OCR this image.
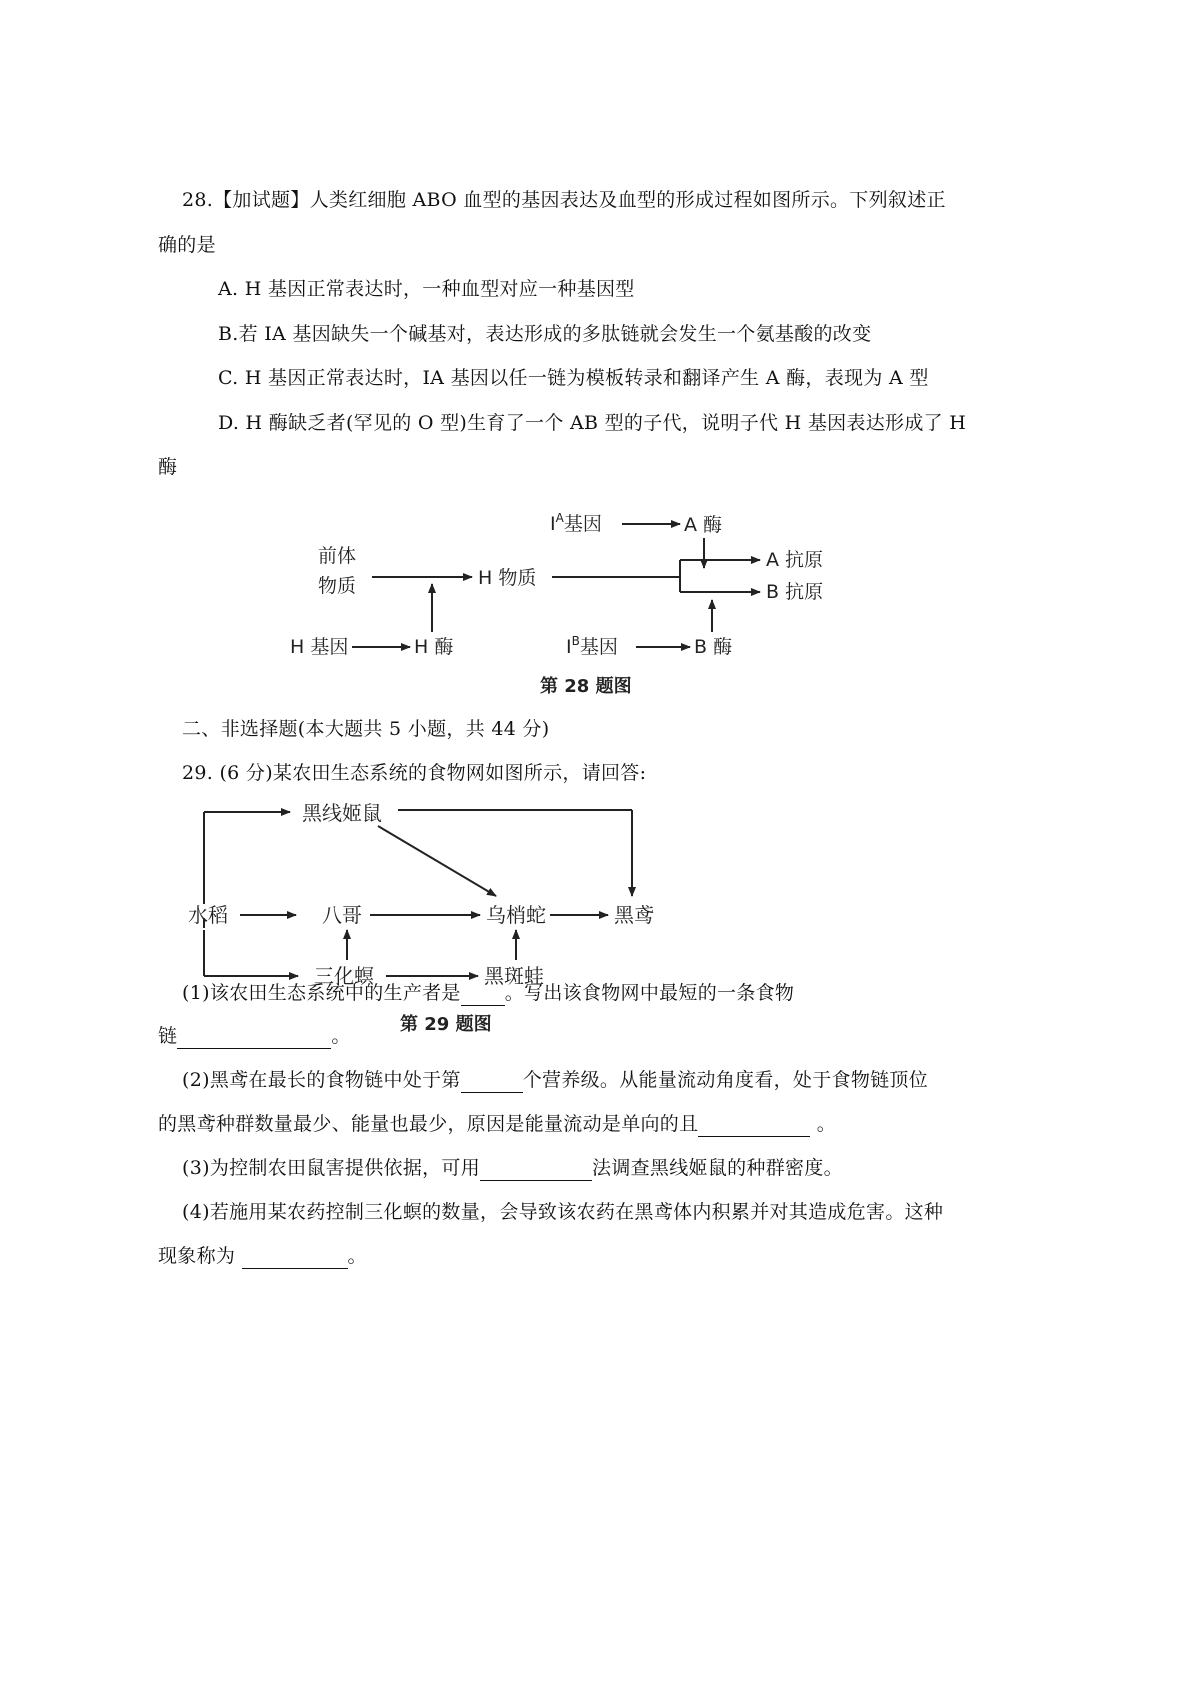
28.【加试题】人类红细胞 ABO 血型的基因表达及血型的形成过程如图所示。下列叙述正
确的是
A. H 基因正常表达时，一种血型对应一种基因型
B.若 IA 基因缺失一个碱基对，表达形成的多肽链就会发生一个氨基酸的改变
C. H 基因正常表达时，IA 基因以任一链为模板转录和翻译产生 A 酶，表现为 A 型
D. H 酶缺乏者(罕见的 O 型)生育了一个 AB 型的子代，说明子代 H 基因表达形成了 H
酶
$I^A$基因	A 酶
前体
物质	H 物质
A 抗原
B 抗原
H 基因	H 酶	$I^B$基因	B 酶
第 28 题图
二、非选择题(本大题共 5 小题，共 44 分)
29. (6 分)某农田生态系统的食物网如图所示，请回答:
水稻
黑线姬鼠
八哥
三化螟
乌梢蛇	黑鸢
黑斑蛙
第 29 题图
(1)该农田生态系统中的生产者是 。写出该食物网中最短的一条食物
链	。
(2)黑鸢在最长的食物链中处于第	个营养级。从能量流动角度看，处于食物链顶位
的黑鸢种群数量最少、能量也最少，原因是能量流动是单向的且	。
(3)为控制农田鼠害提供依据，可用	法调查黑线姬鼠的种群密度。
(4)若施用某农药控制三化螟的数量，会导致该农药在黑鸢体内积累并对其造成危害。这种
现象称为	。
